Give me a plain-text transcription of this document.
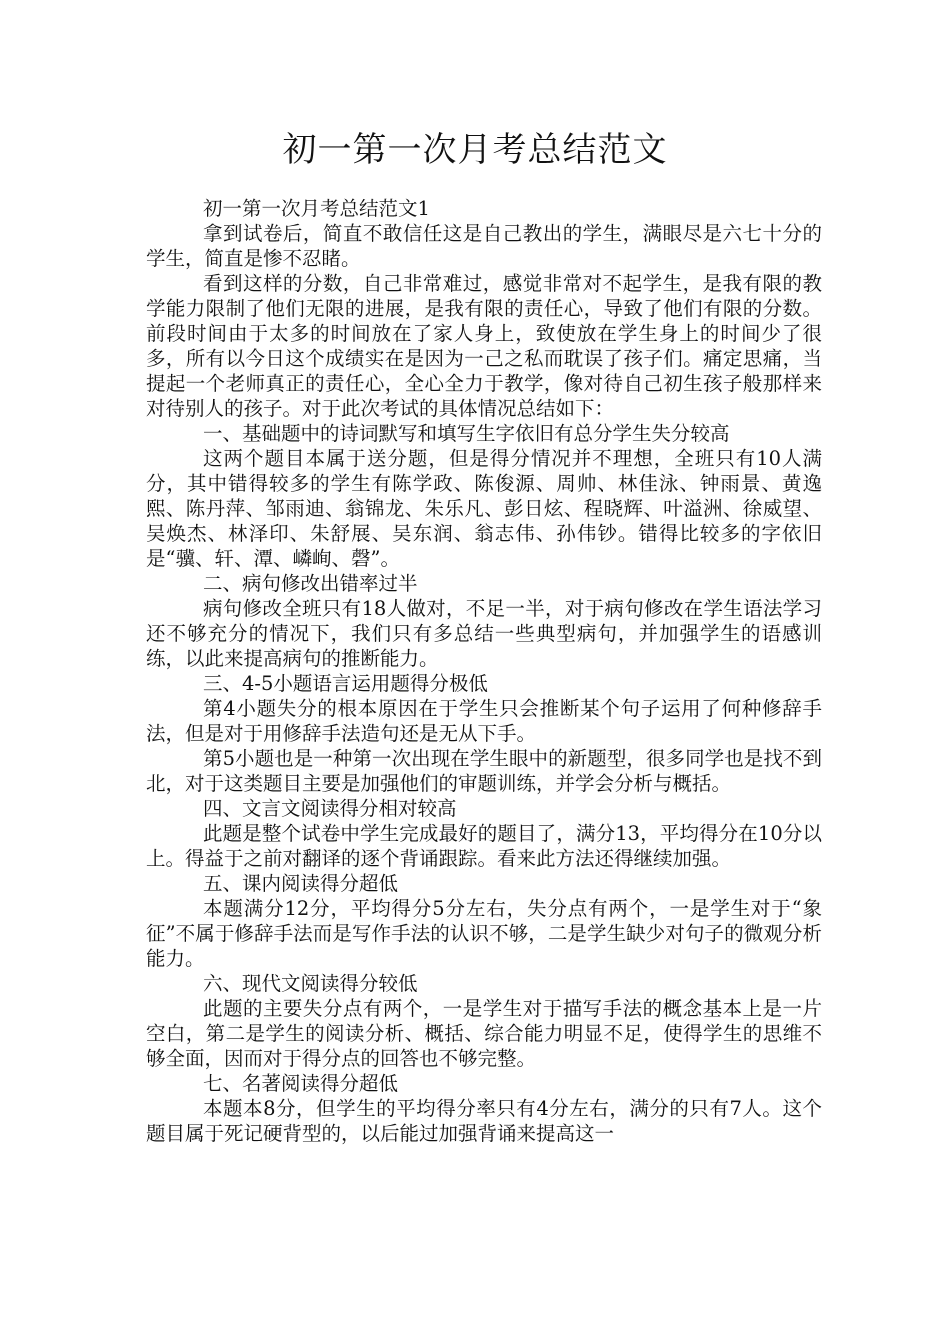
初一第一次月考总结范文

初一第一次月考总结范文1

拿到试卷后，简直不敢信任这是自己教出的学生，满眼尽是六七十分的学生，简直是惨不忍睹。

看到这样的分数，自己非常难过，感觉非常对不起学生，是我有限的教学能力限制了他们无限的进展，是我有限的责任心，导致了他们有限的分数。前段时间由于太多的时间放在了家人身上，致使放在学生身上的时间少了很多，所有以今日这个成绩实在是因为一己之私而耽误了孩子们。痛定思痛，当提起一个老师真正的责任心，全心全力于教学，像对待自己初生孩子般那样来对待别人的孩子。对于此次考试的具体情况总结如下：

一、基础题中的诗词默写和填写生字依旧有总分学生失分较高

这两个题目本属于送分题，但是得分情况并不理想，全班只有10人满分，其中错得较多的学生有陈学政、陈俊源、周帅、林佳泳、钟雨景、黄逸熙、陈丹萍、邹雨迪、翁锦龙、朱乐凡、彭日炫、程晓辉、叶溢洲、徐威望、吴焕杰、林泽印、朱舒展、吴东润、翁志伟、孙伟钞。错得比较多的字依旧是“骥、轩、潭、嶙峋、磬”。

二、病句修改出错率过半

病句修改全班只有18人做对，不足一半，对于病句修改在学生语法学习还不够充分的情况下，我们只有多总结一些典型病句，并加强学生的语感训练，以此来提高病句的推断能力。

三、4-5小题语言运用题得分极低

第4小题失分的根本原因在于学生只会推断某个句子运用了何种修辞手法，但是对于用修辞手法造句还是无从下手。

第5小题也是一种第一次出现在学生眼中的新题型，很多同学也是找不到北，对于这类题目主要是加强他们的审题训练，并学会分析与概括。

四、文言文阅读得分相对较高

此题是整个试卷中学生完成最好的题目了，满分13，平均得分在10分以上。得益于之前对翻译的逐个背诵跟踪。看来此方法还得继续加强。

五、课内阅读得分超低

本题满分12分，平均得分5分左右，失分点有两个，一是学生对于“象征”不属于修辞手法而是写作手法的认识不够，二是学生缺少对句子的微观分析能力。

六、现代文阅读得分较低

此题的主要失分点有两个，一是学生对于描写手法的概念基本上是一片空白，第二是学生的阅读分析、概括、综合能力明显不足，使得学生的思维不够全面，因而对于得分点的回答也不够完整。

七、名著阅读得分超低

本题本8分，但学生的平均得分率只有4分左右，满分的只有7人。这个题目属于死记硬背型的，以后能过加强背诵来提高这一
